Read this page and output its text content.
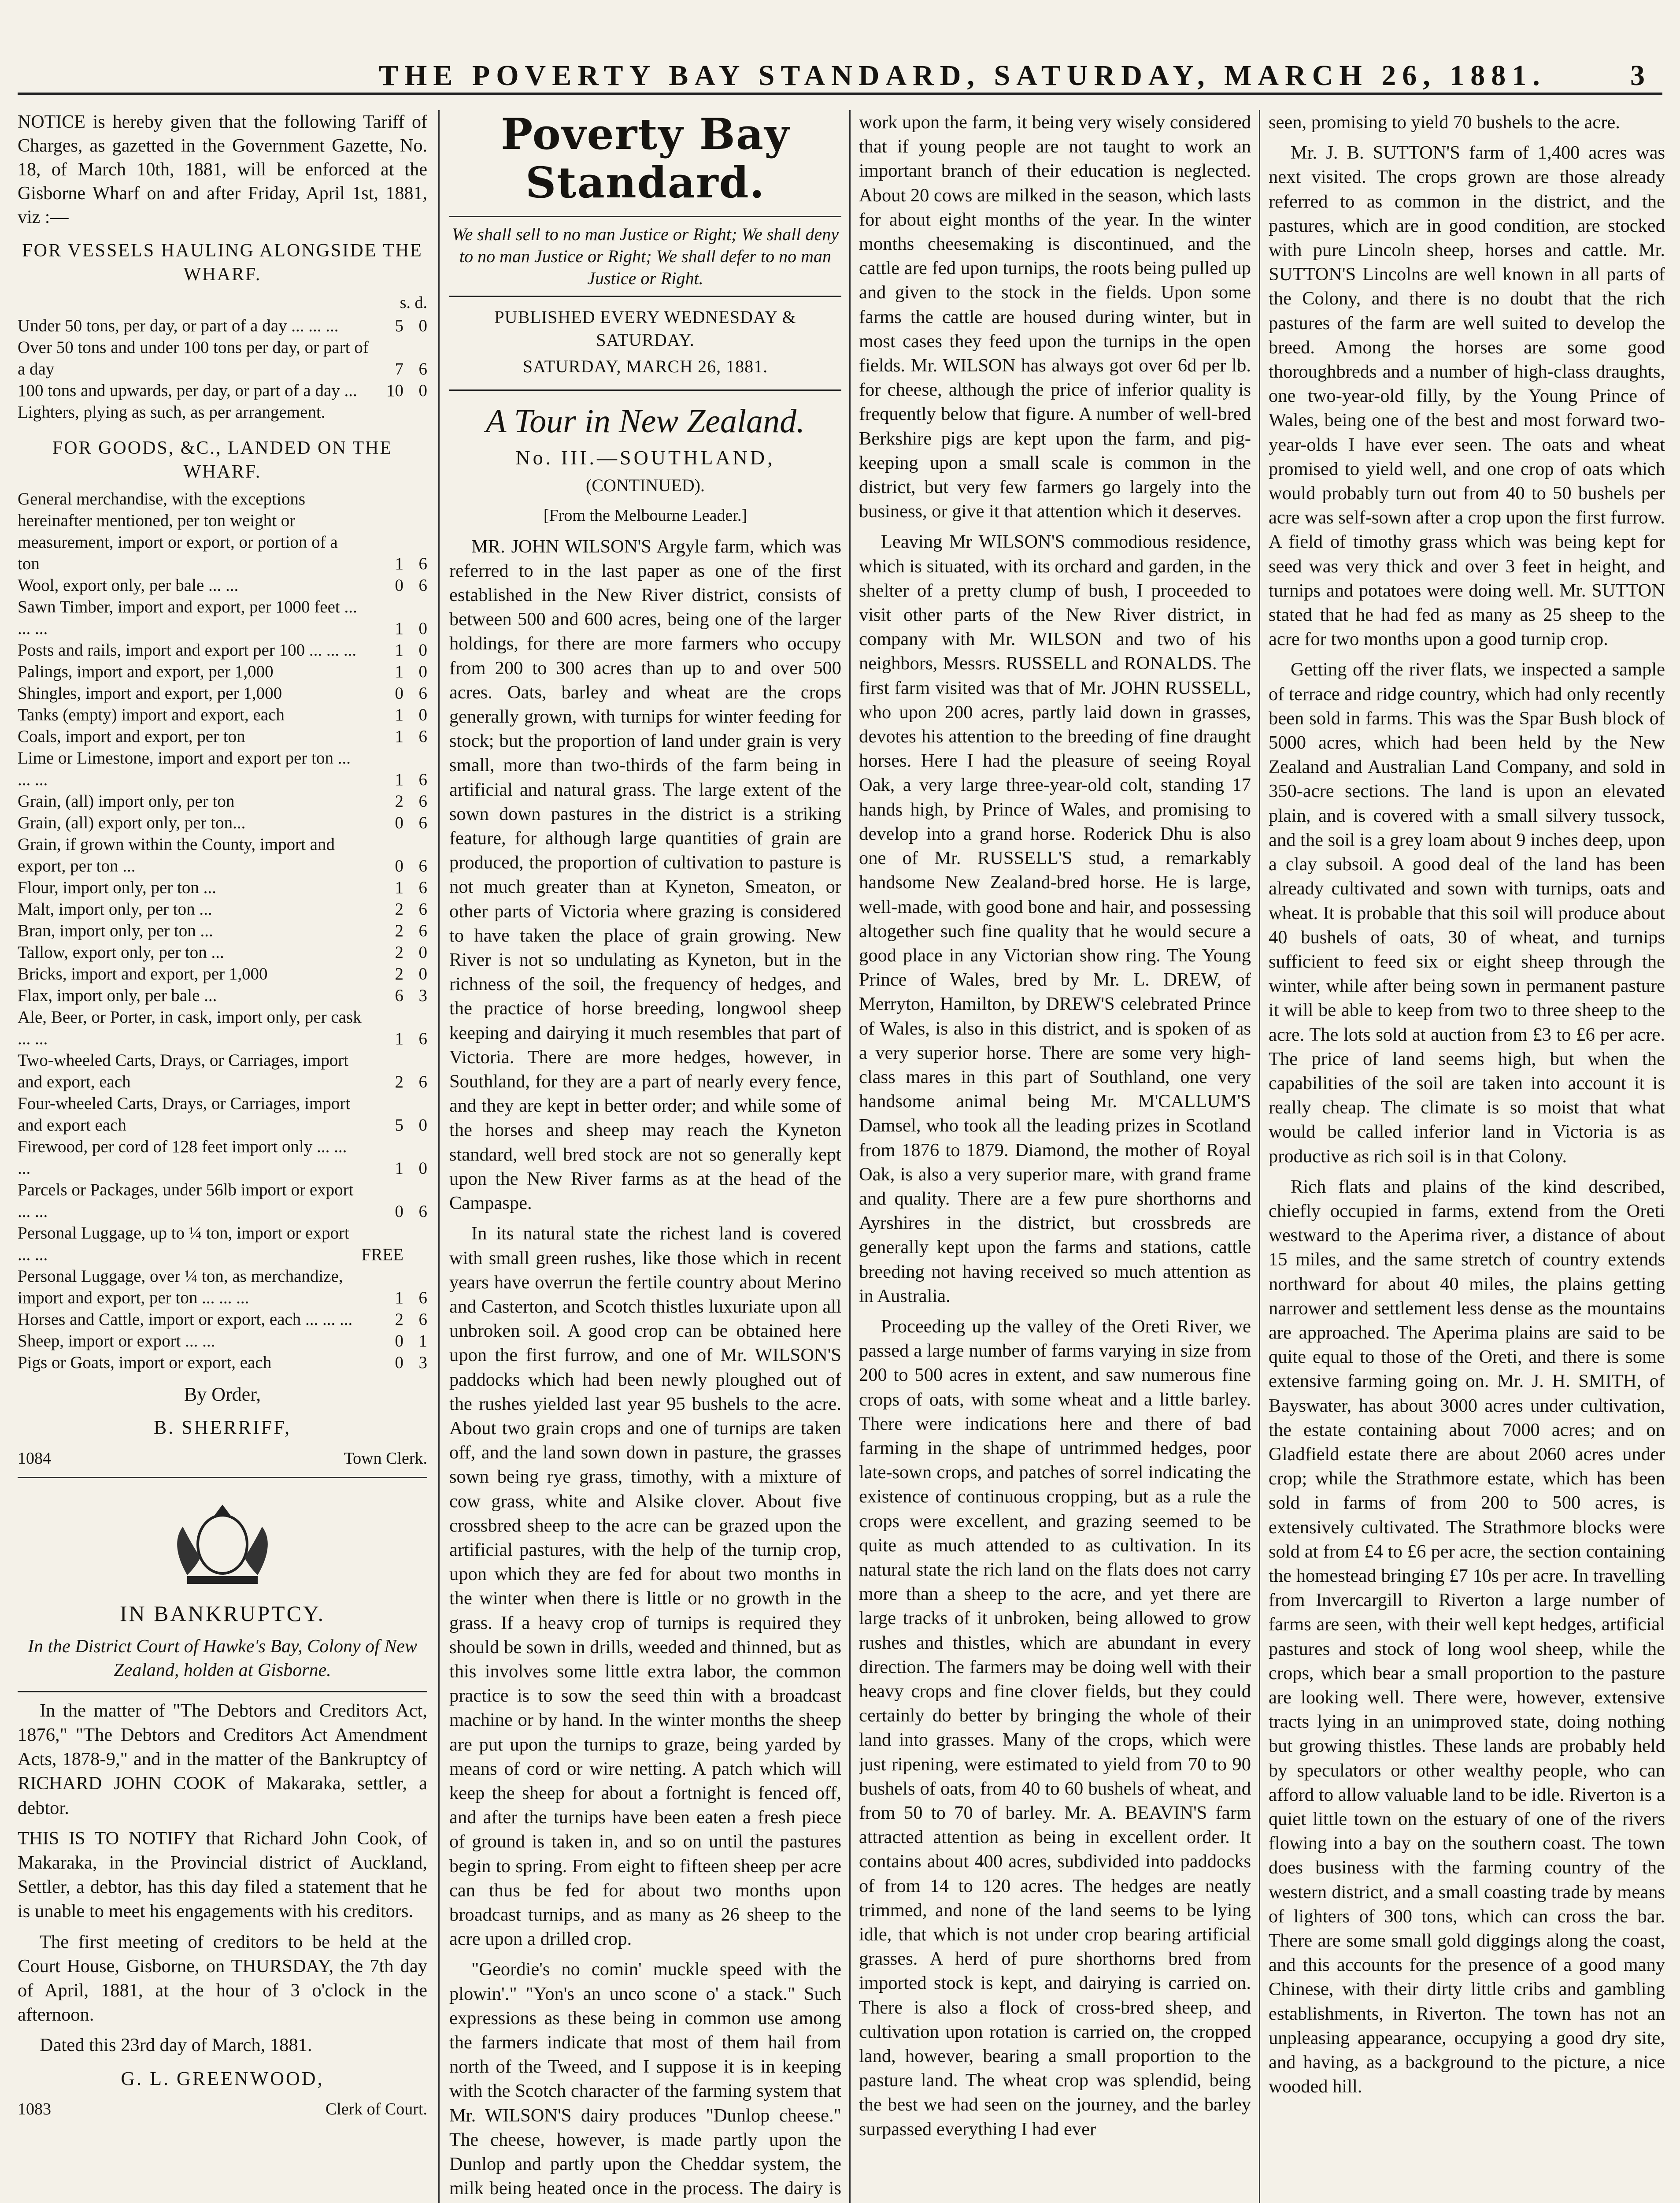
THE POVERTY BAY STANDARD, SATURDAY, MARCH 26, 1881.	3

NOTICE is hereby given that the following Tariff of Charges, as gazetted in the Government Gazette, No. 18, of March 10th, 1881, will be enforced at the Gisborne Wharf on and after Friday, April 1st, 1881, viz :—

FOR VESSELS HAULING ALONGSIDE THE WHARF.

s. d.

Under 50 tons, per day, or part of a day ... ... ...	5	0
Over 50 tons and under 100 tons per day, or part of a day	7	6
100 tons and upwards, per day, or part of a day ...	10	0
Lighters, plying as such, as per arrangement.		

FOR GOODS, &C., LANDED ON THE WHARF.

General merchandise, with the exceptions hereinafter mentioned, per ton weight or measurement, import or export, or portion of a ton	1	6
Wool, export only, per bale ... ...	0	6
Sawn Timber, import and export, per 1000 feet ... ... ...	1	0
Posts and rails, import and export per 100 ... ... ...	1	0
Palings, import and export, per 1,000	1	0
Shingles, import and export, per 1,000	0	6
Tanks (empty) import and export, each	1	0
Coals, import and export, per ton	1	6
Lime or Limestone, import and export per ton ... ... ...	1	6
Grain, (all) import only, per ton	2	6
Grain, (all) export only, per ton...	0	6
Grain, if grown within the County, import and export, per ton ...	0	6
Flour, import only, per ton ...	1	6
Malt, import only, per ton ...	2	6
Bran, import only, per ton ...	2	6
Tallow, export only, per ton ...	2	0
Bricks, import and export, per 1,000	2	0
Flax, import only, per bale ...	6	3
Ale, Beer, or Porter, in cask, import only, per cask ... ...	1	6
Two-wheeled Carts, Drays, or Carriages, import and export, each	2	6
Four-wheeled Carts, Drays, or Carriages, import and export each	5	0
Firewood, per cord of 128 feet import only ... ... ...	1	0
Parcels or Packages, under 56lb import or export ... ...	0	6
Personal Luggage, up to ¼ ton, import or export ... ...	FREE	
Personal Luggage, over ¼ ton, as merchandize, import and export, per ton ... ... ...	1	6
Horses and Cattle, import or export, each ... ... ...	2	6
Sheep, import or export ... ...	0	1
Pigs or Goats, import or export, each	0	3

By Order,

B. SHERRIFF,

1084	Town Clerk.

IN BANKRUPTCY.

In the District Court of Hawke's Bay, Colony of New Zealand, holden at Gisborne.

In the matter of "The Debtors and Creditors Act, 1876," "The Debtors and Creditors Act Amendment Acts, 1878-9," and in the matter of the Bankruptcy of RICHARD JOHN COOK of Makaraka, settler, a debtor.

THIS IS TO NOTIFY that Richard John Cook, of Makaraka, in the Provincial district of Auckland, Settler, a debtor, has this day filed a statement that he is unable to meet his engagements with his creditors.

The first meeting of creditors to be held at the Court House, Gisborne, on THURSDAY, the 7th day of April, 1881, at the hour of 3 o'clock in the afternoon.

Dated this 23rd day of March, 1881.

G. L. GREENWOOD,

1083	Clerk of Court.

Poverty Bay Standard.

We shall sell to no man Justice or Right; We shall deny to no man Justice or Right; We shall defer to no man Justice or Right.

PUBLISHED EVERY WEDNESDAY & SATURDAY.

SATURDAY, MARCH 26, 1881.

A Tour in New Zealand.

No. III.—SOUTHLAND,

(CONTINUED).

[From the Melbourne Leader.]

MR. JOHN WILSON'S Argyle farm, which was referred to in the last paper as one of the first established in the New River district, consists of between 500 and 600 acres, being one of the larger holdings, for there are more farmers who occupy from 200 to 300 acres than up to and over 500 acres. Oats, barley and wheat are the crops generally grown, with turnips for winter feeding for stock; but the proportion of land under grain is very small, more than two-thirds of the farm being in artificial and natural grass. The large extent of the sown down pastures in the district is a striking feature, for although large quantities of grain are produced, the proportion of cultivation to pasture is not much greater than at Kyneton, Smeaton, or other parts of Victoria where grazing is considered to have taken the place of grain growing. New River is not so undulating as Kyneton, but in the richness of the soil, the frequency of hedges, and the practice of horse breeding, longwool sheep keeping and dairying it much resembles that part of Victoria. There are more hedges, however, in Southland, for they are a part of nearly every fence, and they are kept in better order; and while some of the horses and sheep may reach the Kyneton standard, well bred stock are not so generally kept upon the New River farms as at the head of the Campaspe.

In its natural state the richest land is covered with small green rushes, like those which in recent years have overrun the fertile country about Merino and Casterton, and Scotch thistles luxuriate upon all unbroken soil. A good crop can be obtained here upon the first furrow, and one of Mr. WILSON'S paddocks which had been newly ploughed out of the rushes yielded last year 95 bushels to the acre. About two grain crops and one of turnips are taken off, and the land sown down in pasture, the grasses sown being rye grass, timothy, with a mixture of cow grass, white and Alsike clover. About five crossbred sheep to the acre can be grazed upon the artificial pastures, with the help of the turnip crop, upon which they are fed for about two months in the winter when there is little or no growth in the grass. If a heavy crop of turnips is required they should be sown in drills, weeded and thinned, but as this involves some little extra labor, the common practice is to sow the seed thin with a broadcast machine or by hand. In the winter months the sheep are put upon the turnips to graze, being yarded by means of cord or wire netting. A patch which will keep the sheep for about a fortnight is fenced off, and after the turnips have been eaten a fresh piece of ground is taken in, and so on until the pastures begin to spring. From eight to fifteen sheep per acre can thus be fed for about two months upon broadcast turnips, and as many as 26 sheep to the acre upon a drilled crop.

"Geordie's no comin' muckle speed with the plowin'." "Yon's an unco scone o' a stack." Such expressions as these being in common use among the farmers indicate that most of them hail from north of the Tweed, and I suppose it is in keeping with the Scotch character of the farming system that Mr. WILSON'S dairy produces "Dunlop cheese." The cheese, however, is made partly upon the Dunlop and partly upon the Cheddar system, the milk being heated once in the process. The dairy is

work upon the farm, it being very wisely considered that if young people are not taught to work an important branch of their education is neglected. About 20 cows are milked in the season, which lasts for about eight months of the year. In the winter months cheesemaking is discontinued, and the cattle are fed upon turnips, the roots being pulled up and given to the stock in the fields. Upon some farms the cattle are housed during winter, but in most cases they feed upon the turnips in the open fields. Mr. WILSON has always got over 6d per lb. for cheese, although the price of inferior quality is frequently below that figure. A number of well-bred Berkshire pigs are kept upon the farm, and pig-keeping upon a small scale is common in the district, but very few farmers go largely into the business, or give it that attention which it deserves.

Leaving Mr WILSON'S commodious residence, which is situated, with its orchard and garden, in the shelter of a pretty clump of bush, I proceeded to visit other parts of the New River district, in company with Mr. WILSON and two of his neighbors, Messrs. RUSSELL and RONALDS. The first farm visited was that of Mr. JOHN RUSSELL, who upon 200 acres, partly laid down in grasses, devotes his attention to the breeding of fine draught horses. Here I had the pleasure of seeing Royal Oak, a very large three-year-old colt, standing 17 hands high, by Prince of Wales, and promising to develop into a grand horse. Roderick Dhu is also one of Mr. RUSSELL'S stud, a remarkably handsome New Zealand-bred horse. He is large, well-made, with good bone and hair, and possessing altogether such fine quality that he would secure a good place in any Victorian show ring. The Young Prince of Wales, bred by Mr. L. DREW, of Merryton, Hamilton, by DREW'S celebrated Prince of Wales, is also in this district, and is spoken of as a very superior horse. There are some very high-class mares in this part of Southland, one very handsome animal being Mr. M'CALLUM'S Damsel, who took all the leading prizes in Scotland from 1876 to 1879. Diamond, the mother of Royal Oak, is also a very superior mare, with grand frame and quality. There are a few pure shorthorns and Ayrshires in the district, but crossbreds are generally kept upon the farms and stations, cattle breeding not having received so much attention as in Australia.

Proceeding up the valley of the Oreti River, we passed a large number of farms varying in size from 200 to 500 acres in extent, and saw numerous fine crops of oats, with some wheat and a little barley. There were indications here and there of bad farming in the shape of untrimmed hedges, poor late-sown crops, and patches of sorrel indicating the existence of continuous cropping, but as a rule the crops were excellent, and grazing seemed to be quite as much attended to as cultivation. In its natural state the rich land on the flats does not carry more than a sheep to the acre, and yet there are large tracks of it unbroken, being allowed to grow rushes and thistles, which are abundant in every direction. The farmers may be doing well with their heavy crops and fine clover fields, but they could certainly do better by bringing the whole of their land into grasses. Many of the crops, which were just ripening, were estimated to yield from 70 to 90 bushels of oats, from 40 to 60 bushels of wheat, and from 50 to 70 of barley. Mr. A. BEAVIN'S farm attracted attention as being in excellent order. It contains about 400 acres, subdivided into paddocks of from 14 to 120 acres. The hedges are neatly trimmed, and none of the land seems to be lying idle, that which is not under crop bearing artificial grasses. A herd of pure shorthorns bred from imported stock is kept, and dairying is carried on. There is also a flock of cross-bred sheep, and cultivation upon rotation is carried on, the cropped land, however, bearing a small proportion to the pasture land. The wheat crop was splendid, being the best we had seen on the journey, and the barley surpassed everything I had ever

seen, promising to yield 70 bushels to the acre.

Mr. J. B. SUTTON'S farm of 1,400 acres was next visited. The crops grown are those already referred to as common in the district, and the pastures, which are in good condition, are stocked with pure Lincoln sheep, horses and cattle. Mr. SUTTON'S Lincolns are well known in all parts of the Colony, and there is no doubt that the rich pastures of the farm are well suited to develop the breed. Among the horses are some good thoroughbreds and a number of high-class draughts, one two-year-old filly, by the Young Prince of Wales, being one of the best and most forward two-year-olds I have ever seen. The oats and wheat promised to yield well, and one crop of oats which would probably turn out from 40 to 50 bushels per acre was self-sown after a crop upon the first furrow. A field of timothy grass which was being kept for seed was very thick and over 3 feet in height, and turnips and potatoes were doing well. Mr. SUTTON stated that he had fed as many as 25 sheep to the acre for two months upon a good turnip crop.

Getting off the river flats, we inspected a sample of terrace and ridge country, which had only recently been sold in farms. This was the Spar Bush block of 5000 acres, which had been held by the New Zealand and Australian Land Company, and sold in 350-acre sections. The land is upon an elevated plain, and is covered with a small silvery tussock, and the soil is a grey loam about 9 inches deep, upon a clay subsoil. A good deal of the land has been already cultivated and sown with turnips, oats and wheat. It is probable that this soil will produce about 40 bushels of oats, 30 of wheat, and turnips sufficient to feed six or eight sheep through the winter, while after being sown in permanent pasture it will be able to keep from two to three sheep to the acre. The lots sold at auction from £3 to £6 per acre. The price of land seems high, but when the capabilities of the soil are taken into account it is really cheap. The climate is so moist that what would be called inferior land in Victoria is as productive as rich soil is in that Colony.

Rich flats and plains of the kind described, chiefly occupied in farms, extend from the Oreti westward to the Aperima river, a distance of about 15 miles, and the same stretch of country extends northward for about 40 miles, the plains getting narrower and settlement less dense as the mountains are approached. The Aperima plains are said to be quite equal to those of the Oreti, and there is some extensive farming going on. Mr. J. H. SMITH, of Bayswater, has about 3000 acres under cultivation, the estate containing about 7000 acres; and on Gladfield estate there are about 2060 acres under crop; while the Strathmore estate, which has been sold in farms of from 200 to 500 acres, is extensively cultivated. The Strathmore blocks were sold at from £4 to £6 per acre, the section containing the homestead bringing £7 10s per acre. In travelling from Invercargill to Riverton a large number of farms are seen, with their well kept hedges, artificial pastures and stock of long wool sheep, while the crops, which bear a small proportion to the pasture are looking well. There were, however, extensive tracts lying in an unimproved state, doing nothing but growing thistles. These lands are probably held by speculators or other wealthy people, who can afford to allow valuable land to be idle. Riverton is a quiet little town on the estuary of one of the rivers flowing into a bay on the southern coast. The town does business with the farming country of the western district, and a small coasting trade by means of lighters of 300 tons, which can cross the bar. There are some small gold diggings along the coast, and this accounts for the presence of a good many Chinese, with their dirty little cribs and gambling establishments, in Riverton. The town has not an unpleasing appearance, occupying a good dry site, and having, as a background to the picture, a nice wooded hill.
